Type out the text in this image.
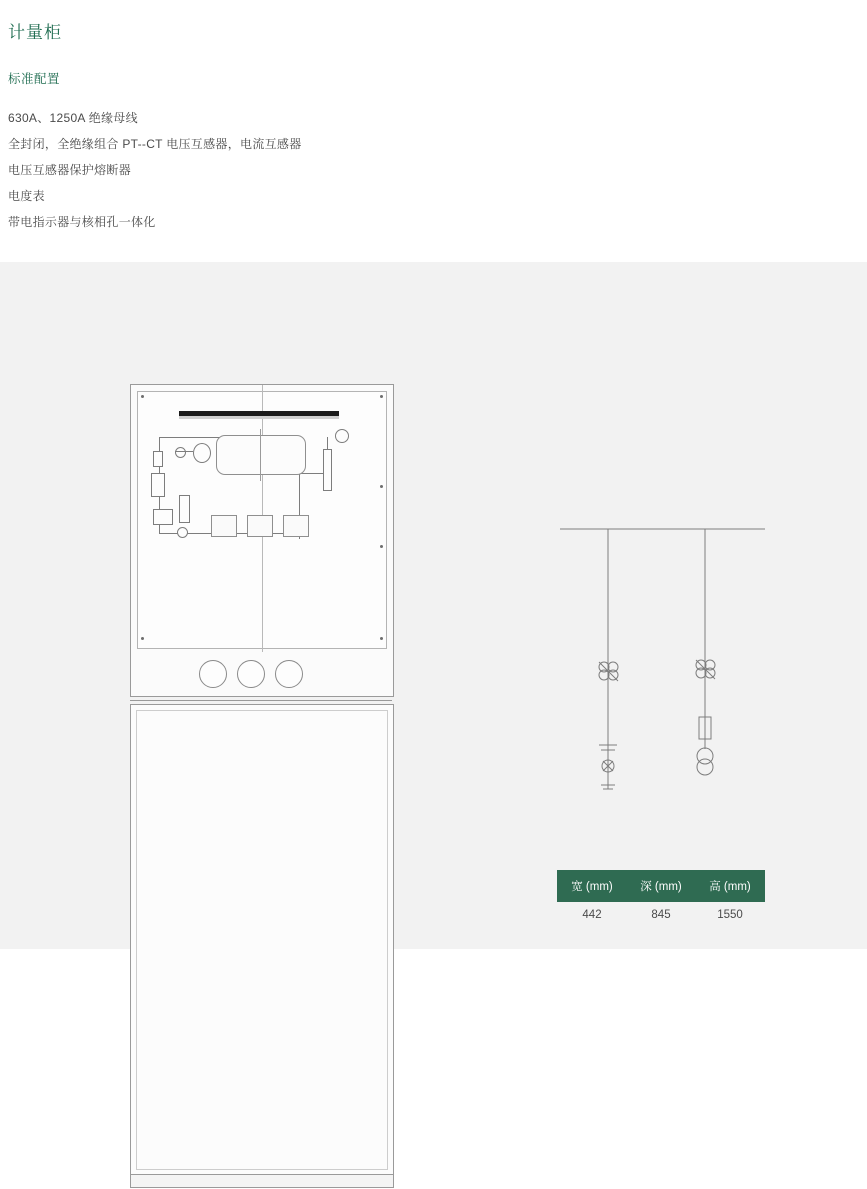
计量柜
标准配置
630A、1250A 绝缘母线
全封闭，全绝缘组合 PT--CT 电压互感器，电流互感器
电压互感器保护熔断器
电度表
带电指示器与核相孔一体化
宽 (mm)	深 (mm)	高 (mm)
442	845	1550
